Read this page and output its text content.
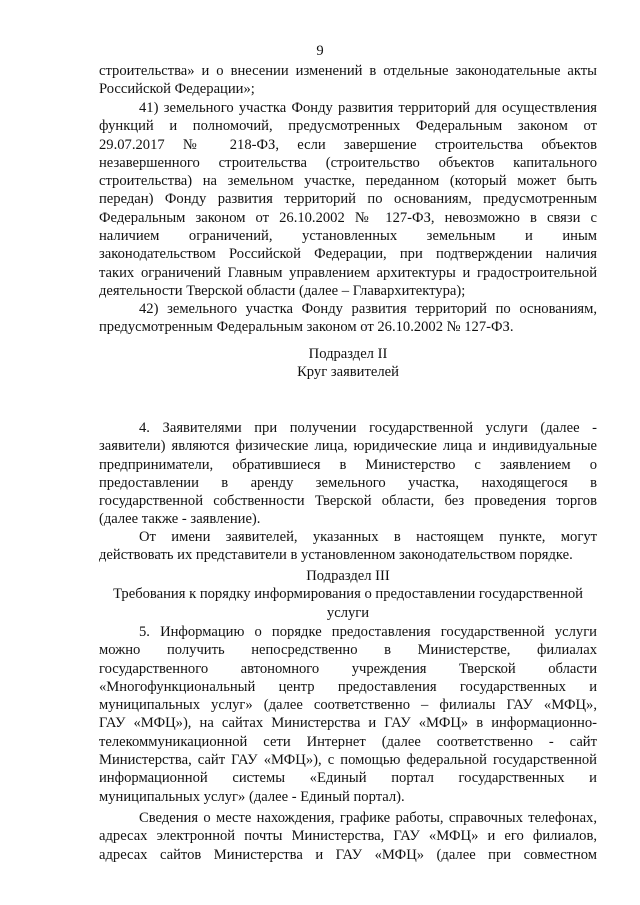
9
строительства» и о внесении изменений в отдельные законодательные акты
Российской Федерации»;
41) земельного участка Фонду развития территорий для осуществления
функций и полномочий, предусмотренных Федеральным законом от
29.07.2017 № 218-ФЗ, если завершение строительства объектов
незавершенного строительства (строительство объектов капитального
строительства) на земельном участке, переданном (который может быть
передан) Фонду развития территорий по основаниям, предусмотренным
Федеральным законом от 26.10.2002 № 127-ФЗ, невозможно в связи с
наличием ограничений, установленных земельным и иным
законодательством Российской Федерации, при подтверждении наличия
таких ограничений Главным управлением архитектуры и градостроительной
деятельности Тверской области (далее – Главархитектура);
42) земельного участка Фонду развития территорий по основаниям,
предусмотренным Федеральным законом от 26.10.2002 № 127-ФЗ.
Подраздел II
Круг заявителей
4. Заявителями при получении государственной услуги (далее -
заявители) являются физические лица, юридические лица и индивидуальные
предприниматели, обратившиеся в Министерство с заявлением о
предоставлении в аренду земельного участка, находящегося в
государственной собственности Тверской области, без проведения торгов
(далее также - заявление).
От имени заявителей, указанных в настоящем пункте, могут
действовать их представители в установленном законодательством порядке.
Подраздел III
Требования к порядку информирования о предоставлении государственной
услуги
5. Информацию о порядке предоставления государственной услуги
можно получить непосредственно в Министерстве, филиалах
государственного автономного учреждения Тверской области
«Многофункциональный центр предоставления государственных и
муниципальных услуг» (далее соответственно – филиалы ГАУ «МФЦ»,
ГАУ «МФЦ»), на сайтах Министерства и ГАУ «МФЦ» в информационно-
телекоммуникационной сети Интернет (далее соответственно - сайт
Министерства, сайт ГАУ «МФЦ»), с помощью федеральной государственной
информационной системы «Единый портал государственных и
муниципальных услуг» (далее - Единый портал).
Сведения о месте нахождения, графике работы, справочных телефонах,
адресах электронной почты Министерства, ГАУ «МФЦ» и его филиалов,
адресах сайтов Министерства и ГАУ «МФЦ» (далее при совместном
